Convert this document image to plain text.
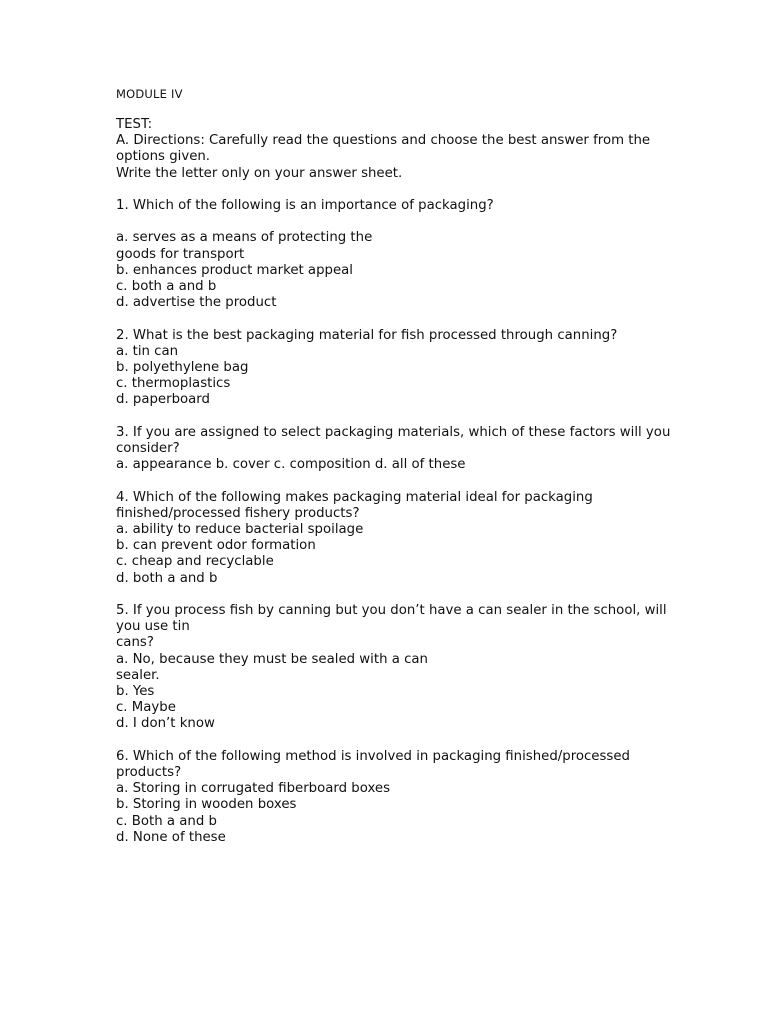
MODULE IV

TEST:
A. Directions: Carefully read the questions and choose the best answer from the
options given.
Write the letter only on your answer sheet.
1. Which of the following is an importance of packaging?
a. serves as a means of protecting the
goods for transport
b. enhances product market appeal
c. both a and b
d. advertise the product
2. What is the best packaging material for fish processed through canning?
a. tin can
b. polyethylene bag
c. thermoplastics
d. paperboard
3. If you are assigned to select packaging materials, which of these factors will you
consider?
a. appearance b. cover c. composition d. all of these
4. Which of the following makes packaging material ideal for packaging
finished/processed fishery products?
a. ability to reduce bacterial spoilage
b. can prevent odor formation
c. cheap and recyclable
d. both a and b
5. If you process fish by canning but you don’t have a can sealer in the school, will
you use tin
cans?
a. No, because they must be sealed with a can
sealer.
b. Yes
c. Maybe
d. I don’t know
6. Which of the following method is involved in packaging finished/processed
products?
a. Storing in corrugated fiberboard boxes
b. Storing in wooden boxes
c. Both a and b
d. None of these
